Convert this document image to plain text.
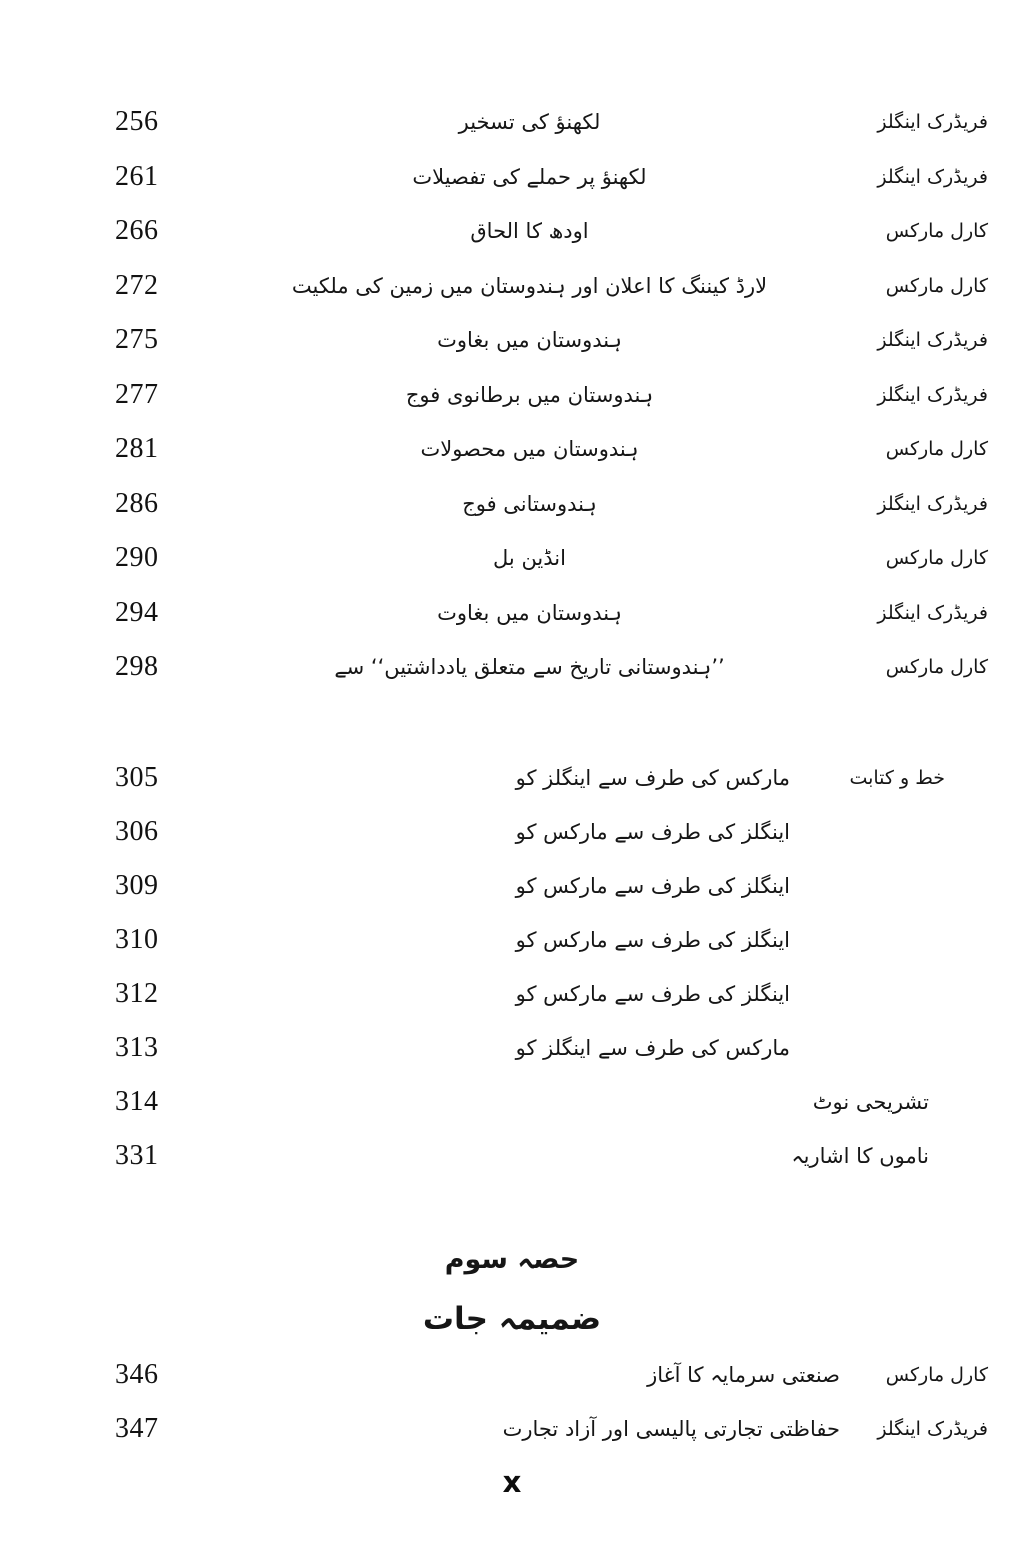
256	لکھنؤ کی تسخیر	فریڈرک اینگلز
261	لکھنؤ پر حملے کی تفصیلات	فریڈرک اینگلز
266	اودھ کا الحاق	کارل مارکس
272	لارڈ کیننگ کا اعلان اور ہندوستان میں زمین کی ملکیت	کارل مارکس
275	ہندوستان میں بغاوت	فریڈرک اینگلز
277	ہندوستان میں برطانوی فوج	فریڈرک اینگلز
281	ہندوستان میں محصولات	کارل مارکس
286	ہندوستانی فوج	فریڈرک اینگلز
290	انڈین بل	کارل مارکس
294	ہندوستان میں بغاوت	فریڈرک اینگلز
298	’’ہندوستانی تاریخ سے متعلق یادداشتیں‘‘ سے	کارل مارکس
خط و کتابت
305	مارکس کی طرف سے اینگلز کو
306	اینگلز کی طرف سے مارکس کو
309	اینگلز کی طرف سے مارکس کو
310	اینگلز کی طرف سے مارکس کو
312	اینگلز کی طرف سے مارکس کو
313	مارکس کی طرف سے اینگلز کو
314	تشریحی نوٹ
331	ناموں کا اشاریہ
حصہ سوم
ضمیمہ جات
346	صنعتی سرمایہ کا آغاز	کارل مارکس
347	حفاظتی تجارتی پالیسی اور آزاد تجارت	فریڈرک اینگلز
x
